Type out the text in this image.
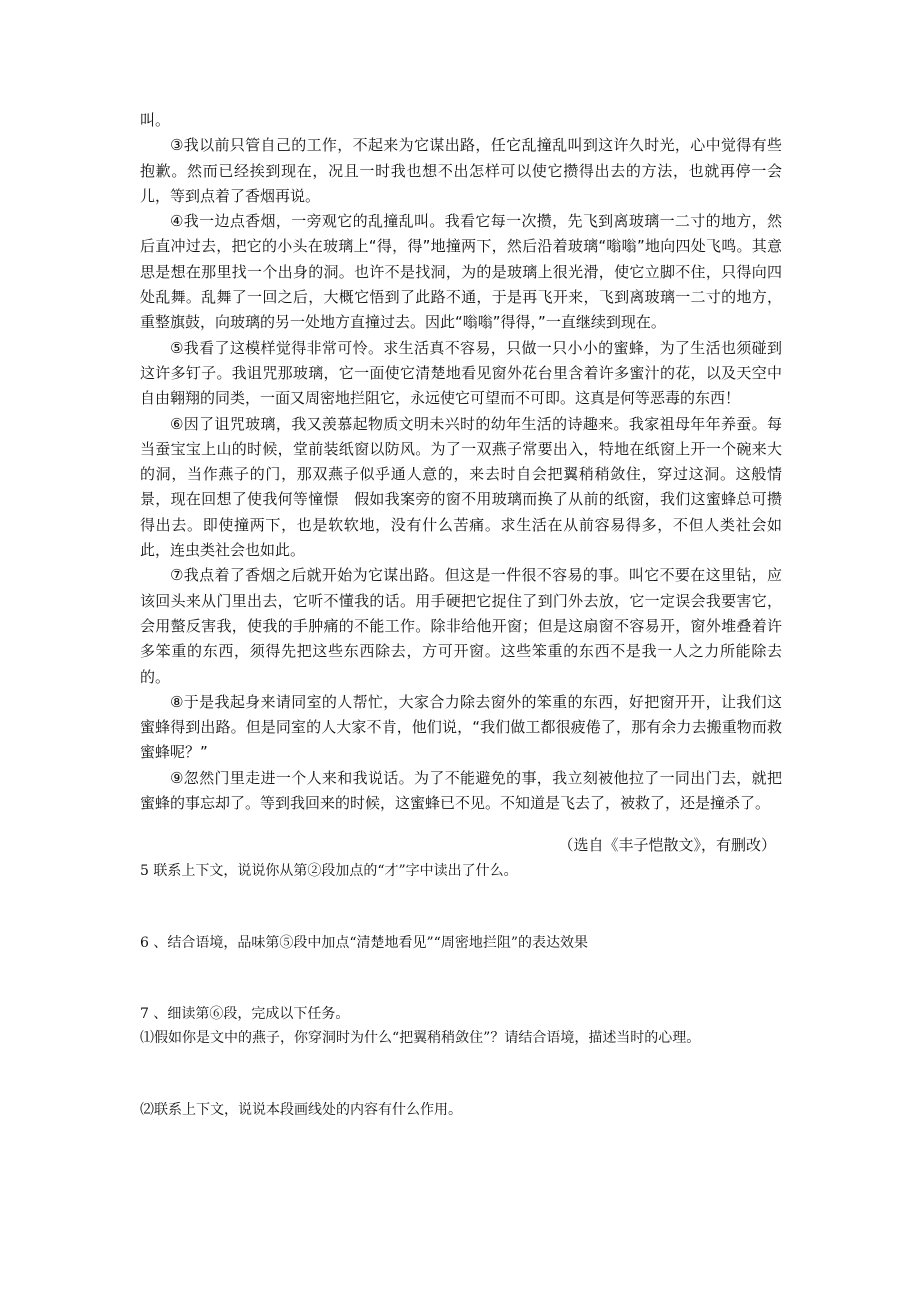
叫。

③我以前只管自己的工作，不起来为它谋出路，任它乱撞乱叫到这许久时光，心中觉得有些抱歉。然而已经挨到现在，况且一时我也想不出怎样可以使它攒得出去的方法，也就再停一会儿，等到点着了香烟再说。

④我一边点香烟，一旁观它的乱撞乱叫。我看它每一次攒，先飞到离玻璃一二寸的地方，然后直冲过去，把它的小头在玻璃上“得，得”地撞两下，然后沿着玻璃“嗡嗡”地向四处飞鸣。其意思是想在那里找一个出身的洞。也许不是找洞，为的是玻璃上很光滑，使它立脚不住，只得向四处乱舞。乱舞了一回之后，大概它悟到了此路不通，于是再飞开来，飞到离玻璃一二寸的地方，重整旗鼓，向玻璃的另一处地方直撞过去。因此“嗡嗡”得得，”一直继续到现在。

⑤我看了这模样觉得非常可怜。求生活真不容易，只做一只小小的蜜蜂，为了生活也须碰到这许多钉子。我诅咒那玻璃，它一面使它清楚地看见窗外花台里含着许多蜜汁的花，以及天空中自由翱翔的同类，一面又周密地拦阻它，永远使它可望而不可即。这真是何等恶毒的东西！

⑥因了诅咒玻璃，我又羡慕起物质文明未兴时的幼年生活的诗趣来。我家祖母年年养蚕。每当蚕宝宝上山的时候，堂前装纸窗以防风。为了一双燕子常要出入，特地在纸窗上开一个碗来大的洞，当作燕子的门，那双燕子似乎通人意的，来去时自会把翼稍稍敛住，穿过这洞。这般情景，现在回想了使我何等憧憬　假如我案旁的窗不用玻璃而换了从前的纸窗，我们这蜜蜂总可攒得出去。即使撞两下，也是软软地，没有什么苦痛。求生活在从前容易得多，不但人类社会如此，连虫类社会也如此。

⑦我点着了香烟之后就开始为它谋出路。但这是一件很不容易的事。叫它不要在这里钻，应该回头来从门里出去，它听不懂我的话。用手硬把它捉住了到门外去放，它一定误会我要害它，会用螫反害我，使我的手肿痛的不能工作。除非给他开窗；但是这扇窗不容易开，窗外堆叠着许多笨重的东西，须得先把这些东西除去，方可开窗。这些笨重的东西不是我一人之力所能除去的。

⑧于是我起身来请同室的人帮忙，大家合力除去窗外的笨重的东西，好把窗开开，让我们这蜜蜂得到出路。但是同室的人大家不肯，他们说，“我们做工都很疲倦了，那有余力去搬重物而救蜜蜂呢？”

⑨忽然门里走进一个人来和我说话。为了不能避免的事，我立刻被他拉了一同出门去，就把蜜蜂的事忘却了。等到我回来的时候，这蜜蜂已不见。不知道是飞去了，被救了，还是撞杀了。

（选自《丰子恺散文》，有删改）
5 联系上下文，说说你从第②段加点的“才”字中读出了什么。
6 、结合语境，品味第⑤段中加点“清楚地看见”“周密地拦阻”的表达效果
7 、细读第⑥段，完成以下任务。
⑴假如你是文中的燕子，你穿洞时为什么“把翼稍稍敛住”？请结合语境，描述当时的心理。
⑵联系上下文，说说本段画线处的内容有什么作用。
